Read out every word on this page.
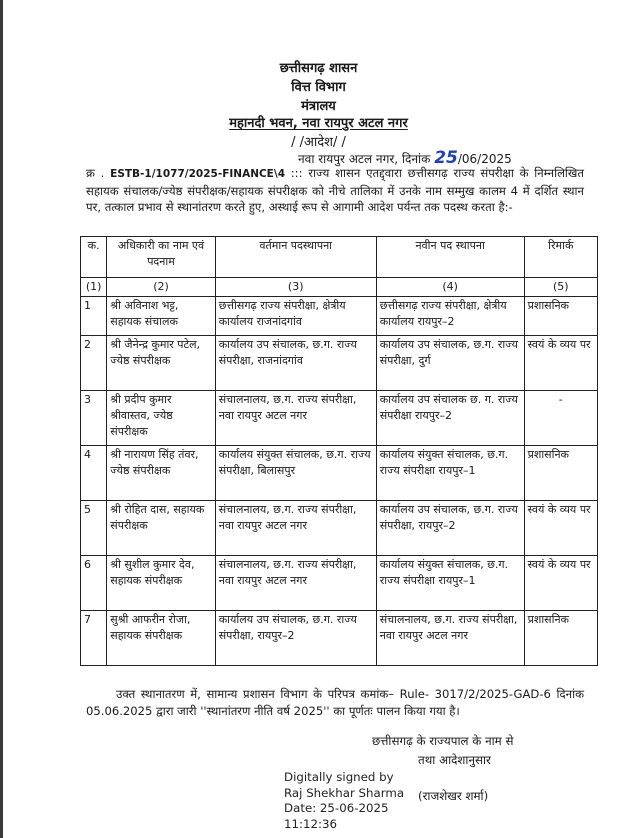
छत्तीसगढ़ शासन
वित्त विभाग
मंत्रालय
महानदी भवन, नवा रायपुर अटल नगर
/ /आदेश/ /
नवा रायपुर अटल नगर, दिनांक 25/06/2025
क्र . ESTB-1/1077/2025-FINANCE\4 ::: राज्य शासन एतद्द्वारा छत्तीसगढ़ राज्य संपरीक्षा के निम्नलिखित सहायक संचालक/ज्येष्ठ संपरीक्षक/सहायक संपरीक्षक को नीचे तालिका में उनके नाम सम्मुख कालम 4 में दर्शित स्थान पर, तत्काल प्रभाव से स्थानांतरण करते हुए, अस्थाई रूप से आगामी आदेश पर्यन्त तक पदस्थ करता है:-
क.	अधिकारी का नाम एवं पदनाम	वर्तमान पदस्थापना	नवीन पद स्थापना	रिमार्क
(1)	(2)	(3)	(4)	(5)
1	श्री अविनाश भट्ट, सहायक संचालक	छत्तीसगढ़ राज्य संपरीक्षा, क्षेत्रीय कार्यालय राजनांदगांव	छत्तीसगढ़ राज्य संपरीक्षा, क्षेत्रीय कार्यालय रायपुर–2	प्रशासनिक
2	श्री जैनेन्द्र कुमार पटेल, ज्येष्ठ संपरीक्षक	कार्यालय उप संचालक, छ.ग. राज्य संपरीक्षा, राजनांदगांव	कार्यालय उप संचालक, छ.ग. राज्य संपरीक्षा, दुर्ग	स्वयं के व्यय पर
3	श्री प्रदीप कुमार श्रीवास्तव, ज्येष्ठ संपरीक्षक	संचालनालय, छ.ग. राज्य संपरीक्षा, नवा रायपुर अटल नगर	कार्यालय उप संचालक छ. ग. राज्य संपरीक्षा रायपुर–2	-
4	श्री नारायण सिंह तंवर, ज्येष्ठ संपरीक्षक	कार्यालय संयुक्त संचालक, छ.ग. राज्य संपरीक्षा, बिलासपुर	कार्यालय संयुक्त संचालक, छ.ग. राज्य संपरीक्षा रायपुर–1	प्रशासनिक
5	श्री रोहित दास, सहायक संपरीक्षक	संचालनालय, छ.ग. राज्य संपरीक्षा, नवा रायपुर अटल नगर	कार्यालय उप संचालक, छ.ग. राज्य संपरीक्षा, रायपुर–2	स्वयं के व्यय पर
6	श्री सुशील कुमार देव, सहायक संपरीक्षक	संचालनालय, छ.ग. राज्य संपरीक्षा, नवा रायपुर अटल नगर	कार्यालय संयुक्त संचालक, छ.ग. राज्य संपरीक्षा रायपुर–1	स्वयं के व्यय पर
7	सुश्री आफरीन रोजा, सहायक संपरीक्षक	कार्यालय उप संचालक, छ.ग. राज्य संपरीक्षा, रायपुर–2	संचालनालय, छ.ग. राज्य संपरीक्षा, नवा रायपुर अटल नगर	प्रशासनिक
उक्त स्थानातरण में, सामान्य प्रशासन विभाग के परिपत्र कमांक– Rule- 3017/2/2025-GAD-6 दिनांक 05.06.2025 द्वारा जारी ''स्थानांतरण नीति वर्ष 2025'' का पूर्णतः पालन किया गया है।
छत्तीसगढ़ के राज्यपाल के नाम से
तथा आदेशानुसार
Digitally signed by
Raj Shekhar Sharma
Date: 25-06-2025
11:12:36
(राजशेखर शर्मा)
